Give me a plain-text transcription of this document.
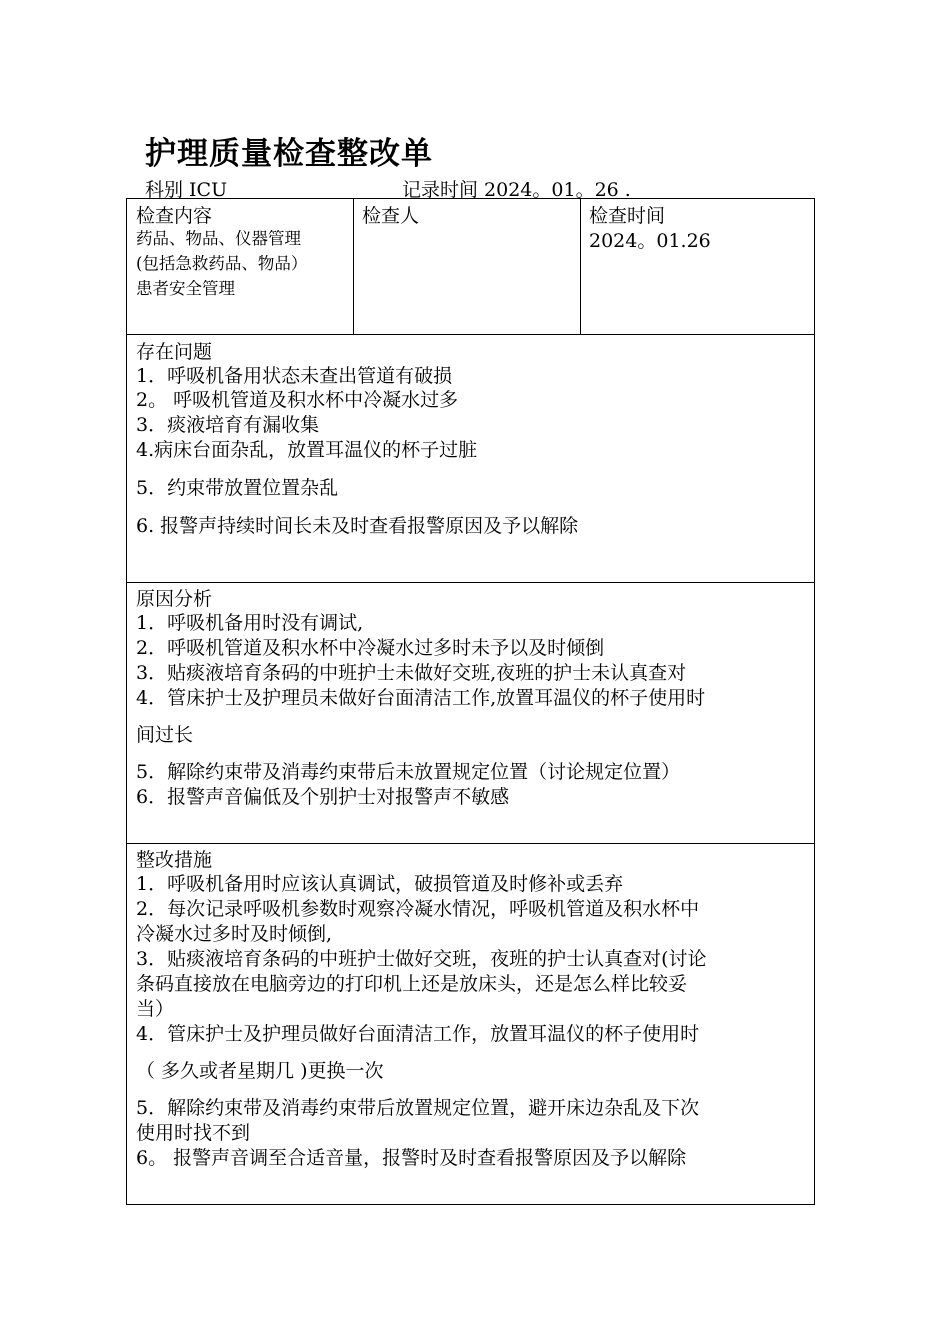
护理质量检查整改单
科别 ICU	记录时间 2024。01。26 .
检查内容
药品、物品、仪器管理
(包括急救药品、物品）
患者安全管理
检查人	检查时间
2024。01.26
存在问题
1．呼吸机备用状态未查出管道有破损
2。 呼吸机管道及积水杯中冷凝水过多
3．痰液培育有漏收集
4.病床台面杂乱，放置耳温仪的杯子过脏
5．约束带放置位置杂乱
6. 报警声持续时间长未及时查看报警原因及予以解除
原因分析
1．呼吸机备用时没有调试,
2．呼吸机管道及积水杯中冷凝水过多时未予以及时倾倒
3．贴痰液培育条码的中班护士未做好交班,夜班的护士未认真查对
4．管床护士及护理员未做好台面清洁工作,放置耳温仪的杯子使用时
间过长
5．解除约束带及消毒约束带后未放置规定位置（讨论规定位置）
6．报警声音偏低及个别护士对报警声不敏感
整改措施
1．呼吸机备用时应该认真调试，破损管道及时修补或丢弃
2．每次记录呼吸机参数时观察冷凝水情况，呼吸机管道及积水杯中
冷凝水过多时及时倾倒,
3．贴痰液培育条码的中班护士做好交班，夜班的护士认真查对(讨论
条码直接放在电脑旁边的打印机上还是放床头，还是怎么样比较妥
当）
4．管床护士及护理员做好台面清洁工作，放置耳温仪的杯子使用时
（ 多久或者星期几 )更换一次
5．解除约束带及消毒约束带后放置规定位置，避开床边杂乱及下次
使用时找不到
6。 报警声音调至合适音量，报警时及时查看报警原因及予以解除
